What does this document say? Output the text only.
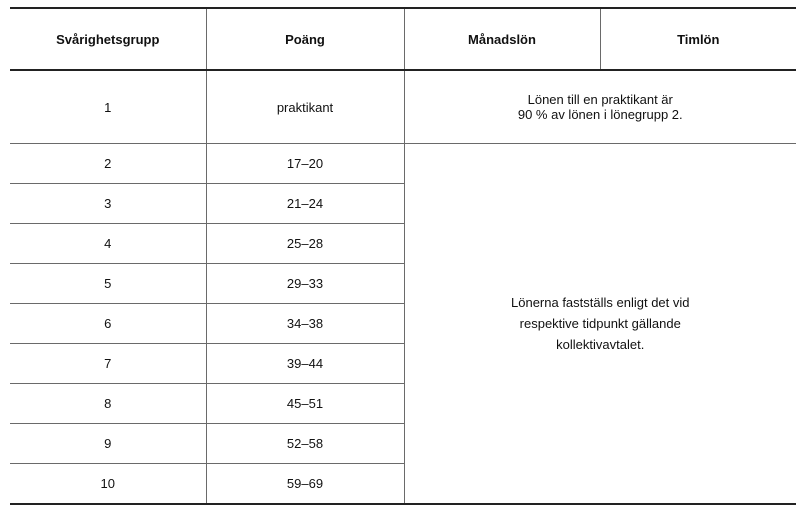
Svårighetsgrupp	Poäng	Månadslön	Timlön
1	praktikant	Lönen till en praktikant är
90 % av lönen i lönegrupp 2.	

2	17–20	Lönerna fastställs enligt det vid
respektive tidpunkt gällande
kollektivavtalet.	

3	21–24		
4	25–28		
5	29–33		
6	34–38		
7	39–44		
8	45–51		
9	52–58		
10	59–69		
